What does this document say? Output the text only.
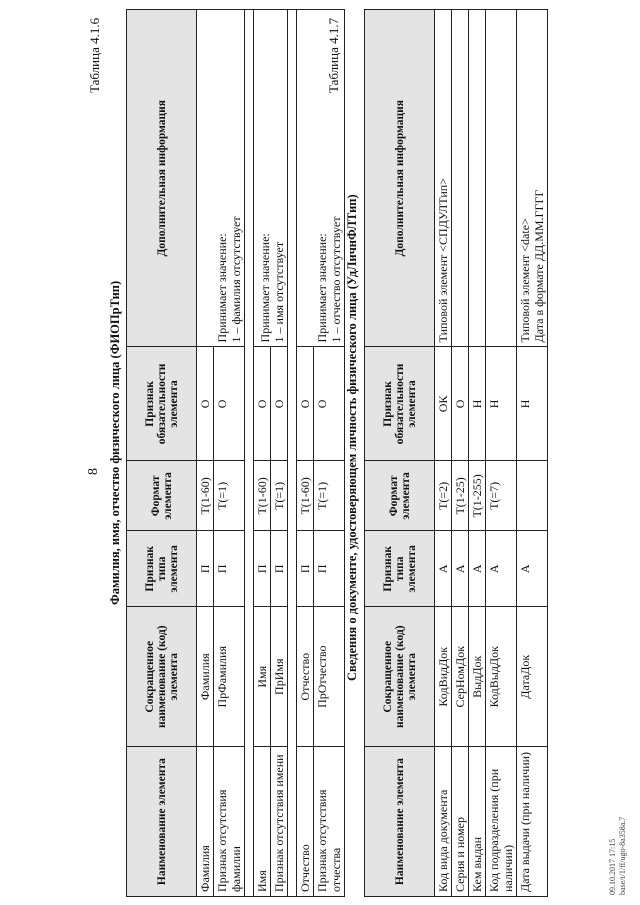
8
Таблица 4.1.6
Фамилия, имя, отчество физического лица (ФИОПрТип)
Наименование элемента	Сокращенное наименование (код) элемента	Признак типа элемента	Формат элемента	Признак обязательности элемента	Дополнительная информация
Фамилия	Фамилия	П	T(1-60)	О	Принимает значение: 1 – фамилия отсутствует

Признак отсутствия фамилии	ПрФамилия	П	T(=1)	О	

Имя	Имя	П	T(1-60)	О	Принимает значение: 1 – имя отсутствует

Признак отсутствия имени	ПрИмя	П	T(=1)	О	

Отчество	Отчество	П	T(1-60)	О	Принимает значение: 1 – отчество отсутствует

Признак отсутствия отчества	ПрОтчество	П	T(=1)	О	
Таблица 4.1.7
Сведения о документе, удостоверяющем личность физического лица (УдЛичнФЛТип)
Наименование элемента	Сокращенное наименование (код) элемента	Признак типа элемента	Формат элемента	Признак обязательности элемента	Дополнительная информация
Код вида документа	КодВидДок	А	T(=2)	ОК	Типовой элемент <СПДУЛТип>
Серия и номер	СерНомДок	А	T(1-25)	О	
Кем выдан	ВыдДок	А	T(1-255)	Н	
Код подразделения (при наличии)	КодВыдДок	А	T(=7)	Н	
Дата выдачи (при наличии)	ДатаДок	А		Н	Типовой элемент <date> Дата в формате ДД.ММ.ГГГГ
09.10.2017 17:15 base/t/1/ff/ugo-8a358a.7
